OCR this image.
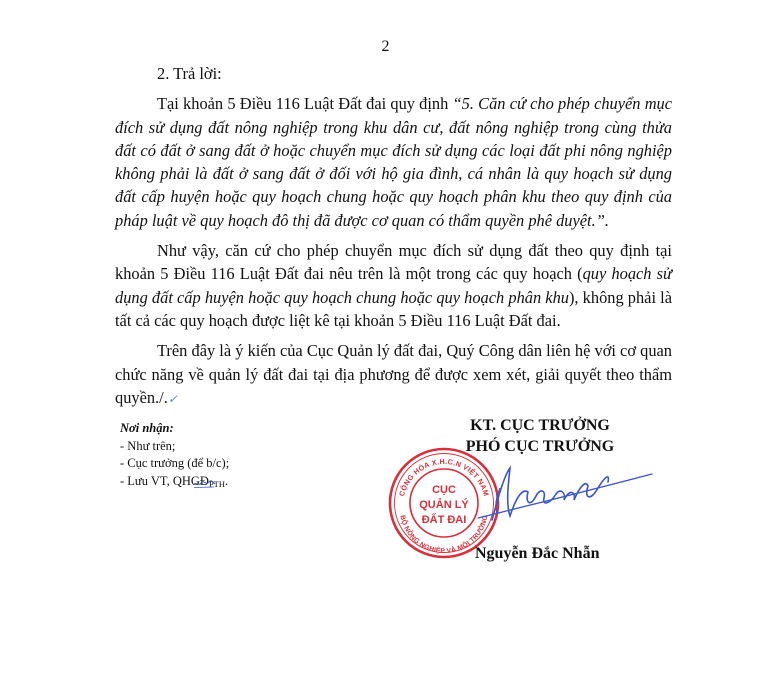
2

2. Trả lời:

Tại khoản 5 Điều 116 Luật Đất đai quy định “5. Căn cứ cho phép chuyển mục đích sử dụng đất nông nghiệp trong khu dân cư, đất nông nghiệp trong cùng thửa đất có đất ở sang đất ở hoặc chuyển mục đích sử dụng các loại đất phi nông nghiệp không phải là đất ở sang đất ở đối với hộ gia đình, cá nhân là quy hoạch sử dụng đất cấp huyện hoặc quy hoạch chung hoặc quy hoạch phân khu theo quy định của pháp luật về quy hoạch đô thị đã được cơ quan có thẩm quyền phê duyệt.”.

Như vậy, căn cứ cho phép chuyển mục đích sử dụng đất theo quy định tại khoản 5 Điều 116 Luật Đất đai nêu trên là một trong các quy hoạch (quy hoạch sử dụng đất cấp huyện hoặc quy hoạch chung hoặc quy hoạch phân khu), không phải là tất cả các quy hoạch được liệt kê tại khoản 5 Điều 116 Luật Đất đai.

Trên đây là ý kiến của Cục Quản lý đất đai, Quý Công dân liên hệ với cơ quan chức năng về quản lý đất đai tại địa phương để được xem xét, giải quyết theo thẩm quyền./.✓

Nơi nhận:

- Như trên;

- Cục trưởng (để b/c);

- Lưu VT, $QHGĐ_{PTH}$.

KT. CỤC TRƯỞNG
PHÓ CỤC TRƯỞNG
CỘNG HÒA X.H.C.N VIỆT NAM
BỘ NÔNG NGHIỆP VÀ MÔI TRƯỜNG
CỤC
QUẢN LÝ
ĐẤT ĐAI
Nguyễn Đắc Nhẫn
